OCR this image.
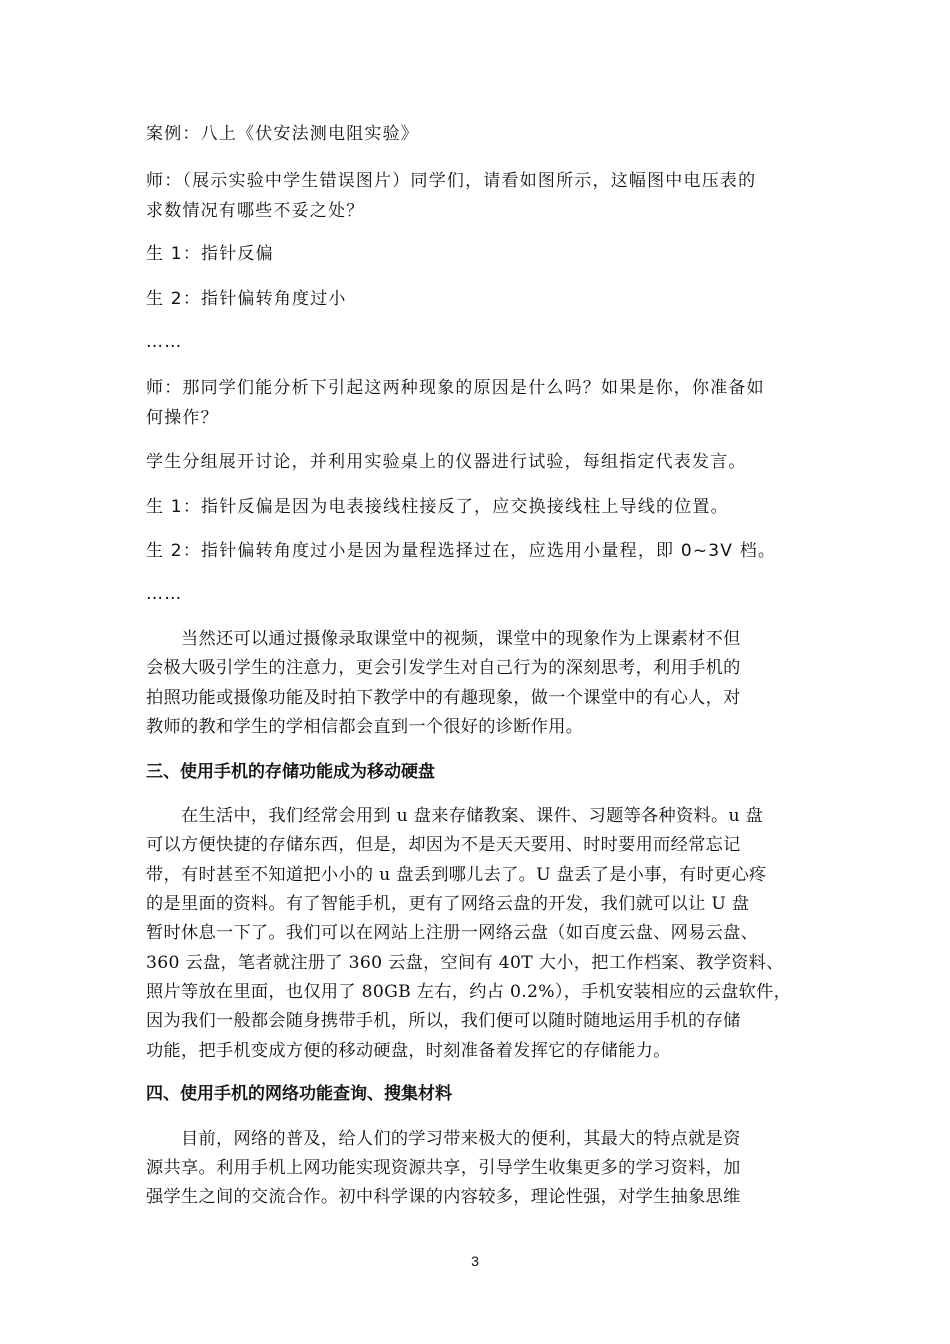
案例：八上《伏安法测电阻实验》

师：（展示实验中学生错误图片）同学们，请看如图所示，这幅图中电压表的

求数情况有哪些不妥之处？

生 1：指针反偏

生 2：指针偏转角度过小

……

师：那同学们能分析下引起这两种现象的原因是什么吗？如果是你，你准备如

何操作？

学生分组展开讨论，并利用实验桌上的仪器进行试验，每组指定代表发言。

生 1：指针反偏是因为电表接线柱接反了，应交换接线柱上导线的位置。

生 2：指针偏转角度过小是因为量程选择过在，应选用小量程，即 0~3V 档。

……

　　当然还可以通过摄像录取课堂中的视频，课堂中的现象作为上课素材不但

会极大吸引学生的注意力，更会引发学生对自己行为的深刻思考，利用手机的

拍照功能或摄像功能及时拍下教学中的有趣现象，做一个课堂中的有心人，对

教师的教和学生的学相信都会直到一个很好的诊断作用。

三、使用手机的存储功能成为移动硬盘

　　在生活中，我们经常会用到 u 盘来存储教案、课件、习题等各种资料。u 盘

可以方便快捷的存储东西，但是，却因为不是天天要用、时时要用而经常忘记

带，有时甚至不知道把小小的 u 盘丢到哪儿去了。U 盘丢了是小事，有时更心疼

的是里面的资料。有了智能手机，更有了网络云盘的开发，我们就可以让 U 盘

暂时休息一下了。我们可以在网站上注册一网络云盘（如百度云盘、网易云盘、

360 云盘，笔者就注册了 360 云盘，空间有 40T 大小，把工作档案、教学资料、

照片等放在里面，也仅用了 80GB 左右，约占 0.2%），手机安装相应的云盘软件，

因为我们一般都会随身携带手机，所以，我们便可以随时随地运用手机的存储

功能，把手机变成方便的移动硬盘，时刻准备着发挥它的存储能力。

四、使用手机的网络功能查询、搜集材料

　　目前，网络的普及，给人们的学习带来极大的便利，其最大的特点就是资

源共享。利用手机上网功能实现资源共享，引导学生收集更多的学习资料，加

强学生之间的交流合作。初中科学课的内容较多，理论性强，对学生抽象思维

3
